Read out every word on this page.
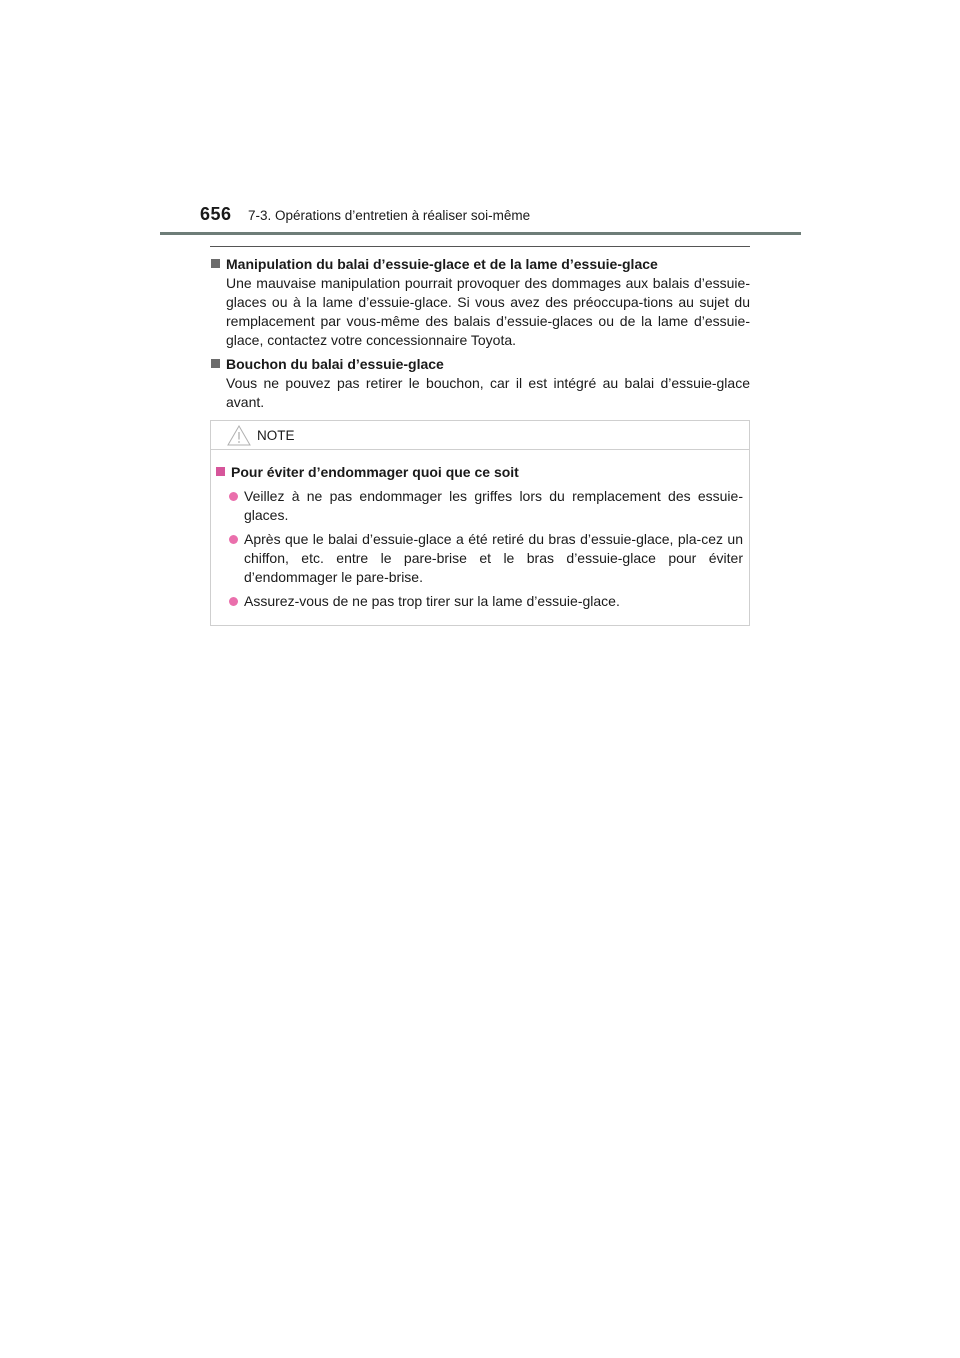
656 7-3. Opérations d’entretien à réaliser soi-même
Manipulation du balai d’essuie-glace et de la lame d’essuie-glace
Une mauvaise manipulation pourrait provoquer des dommages aux balais d’essuie-glaces ou à la lame d’essuie-glace. Si vous avez des préoccupa-tions au sujet du remplacement par vous-même des balais d’essuie-glaces ou de la lame d’essuie-glace, contactez votre concessionnaire Toyota.
Bouchon du balai d’essuie-glace
Vous ne pouvez pas retirer le bouchon, car il est intégré au balai d’essuie-glace avant.
NOTE
Pour éviter d’endommager quoi que ce soit
Veillez à ne pas endommager les griffes lors du remplacement des essuie-glaces.
Après que le balai d’essuie-glace a été retiré du bras d’essuie-glace, pla-cez un chiffon, etc. entre le pare-brise et le bras d’essuie-glace pour éviter d’endommager le pare-brise.
Assurez-vous de ne pas trop tirer sur la lame d’essuie-glace.
